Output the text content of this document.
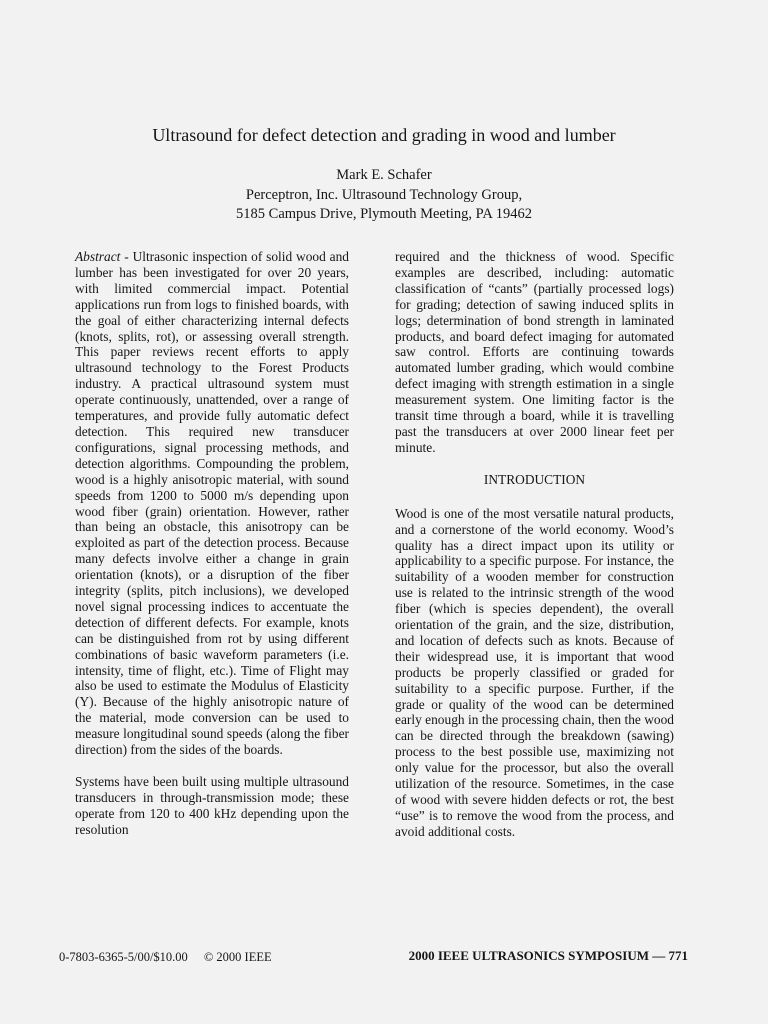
Ultrasound for defect detection and grading in wood and lumber
Mark E. Schafer
Perceptron, Inc. Ultrasound Technology Group,
5185 Campus Drive, Plymouth Meeting, PA 19462

Abstract - Ultrasonic inspection of solid wood and lumber has been investigated for over 20 years, with limited commercial impact. Potential applications run from logs to finished boards, with the goal of either characterizing internal defects (knots, splits, rot), or assessing overall strength. This paper reviews recent efforts to apply ultrasound technology to the Forest Products industry. A practical ultrasound system must operate continuously, unattended, over a range of temperatures, and provide fully automatic defect detection. This required new transducer configurations, signal processing methods, and detection algorithms. Compounding the problem, wood is a highly anisotropic material, with sound speeds from 1200 to 5000 m/s depending upon wood fiber (grain) orientation. However, rather than being an obstacle, this anisotropy can be exploited as part of the detection process. Because many defects involve either a change in grain orientation (knots), or a disruption of the fiber integrity (splits, pitch inclusions), we developed novel signal processing indices to accentuate the detection of different defects. For example, knots can be distinguished from rot by using different combinations of basic waveform parameters (i.e. intensity, time of flight, etc.). Time of Flight may also be used to estimate the Modulus of Elasticity (Y). Because of the highly anisotropic nature of the material, mode conversion can be used to measure longitudinal sound speeds (along the fiber direction) from the sides of the boards.

Systems have been built using multiple ultrasound transducers in through-transmission mode; these operate from 120 to 400 kHz depending upon the resolution

required and the thickness of wood. Specific examples are described, including: automatic classification of “cants” (partially processed logs) for grading; detection of sawing induced splits in logs; determination of bond strength in laminated products, and board defect imaging for automated saw control. Efforts are continuing towards automated lumber grading, which would combine defect imaging with strength estimation in a single measurement system. One limiting factor is the transit time through a board, while it is travelling past the transducers at over 2000 linear feet per minute.

INTRODUCTION

Wood is one of the most versatile natural products, and a cornerstone of the world economy. Wood’s quality has a direct impact upon its utility or applicability to a specific purpose. For instance, the suitability of a wooden member for construction use is related to the intrinsic strength of the wood fiber (which is species dependent), the overall orientation of the grain, and the size, distribution, and location of defects such as knots. Because of their widespread use, it is important that wood products be properly classified or graded for suitability to a specific purpose. Further, if the grade or quality of the wood can be determined early enough in the processing chain, then the wood can be directed through the breakdown (sawing) process to the best possible use, maximizing not only value for the processor, but also the overall utilization of the resource. Sometimes, in the case of wood with severe hidden defects or rot, the best “use” is to remove the wood from the process, and avoid additional costs.

0-7803-6365-5/00/$10.00 © 2000 IEEE	2000 IEEE ULTRASONICS SYMPOSIUM — 771
